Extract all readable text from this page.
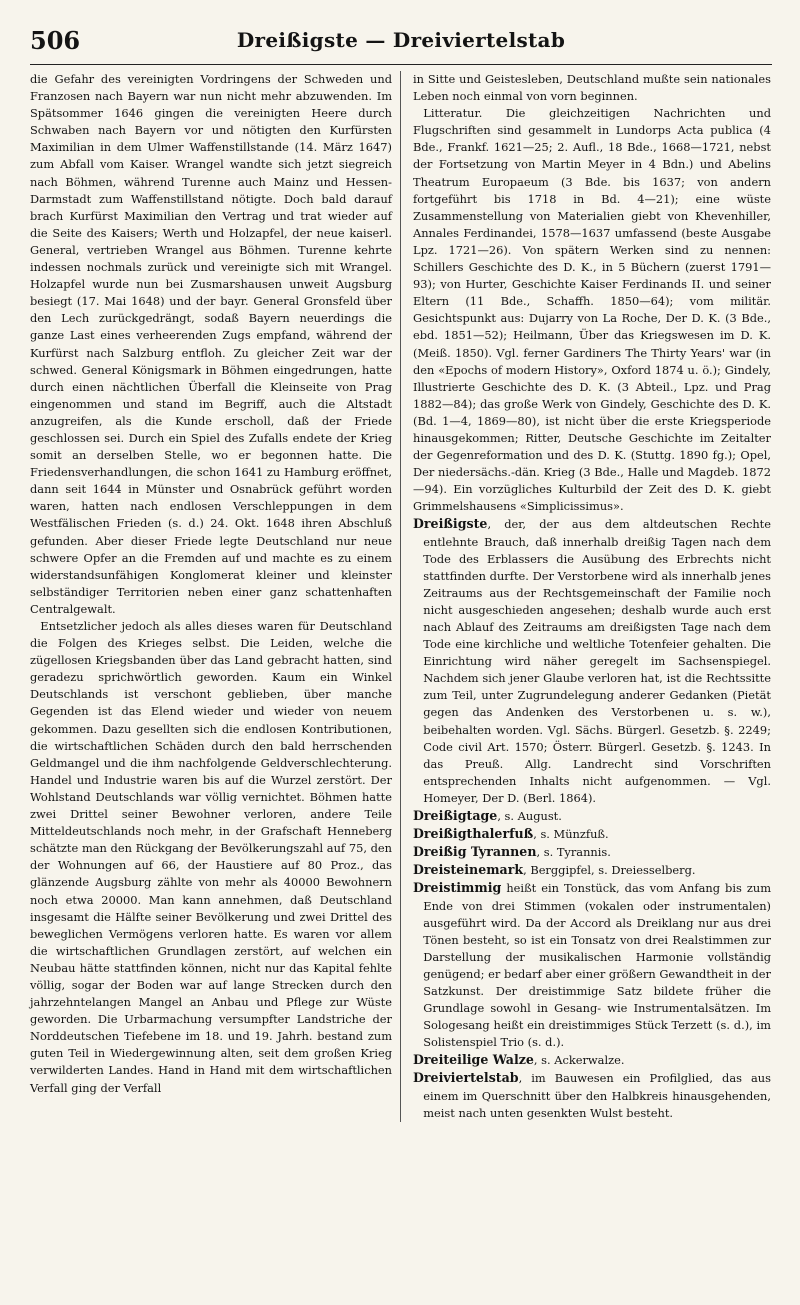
506	Dreißigste — Dreiviertelstab

die Gefahr des vereinigten Vordringens der Schweden und Franzosen nach Bayern war nun nicht mehr abzuwenden. Im Spätsommer 1646 gingen die vereinigten Heere durch Schwaben nach Bayern vor und nötigten den Kurfürsten Maximilian in dem Ulmer Waffenstillstande (14. März 1647) zum Abfall vom Kaiser. Wrangel wandte sich jetzt siegreich nach Böhmen, während Turenne auch Mainz und Hessen-Darmstadt zum Waffenstillstand nötigte. Doch bald darauf brach Kurfürst Maximilian den Vertrag und trat wieder auf die Seite des Kaisers; Werth und Holzapfel, der neue kaiserl. General, vertrieben Wrangel aus Böhmen. Turenne kehrte indessen nochmals zurück und vereinigte sich mit Wrangel. Holzapfel wurde nun bei Zusmarshausen unweit Augsburg besiegt (17. Mai 1648) und der bayr. General Gronsfeld über den Lech zurückgedrängt, sodaß Bayern neuerdings die ganze Last eines verheerenden Zugs empfand, während der Kurfürst nach Salzburg entfloh. Zu gleicher Zeit war der schwed. General Königsmark in Böhmen eingedrungen, hatte durch einen nächtlichen Überfall die Kleinseite von Prag eingenommen und stand im Begriff, auch die Altstadt anzugreifen, als die Kunde erscholl, daß der Friede geschlossen sei. Durch ein Spiel des Zufalls endete der Krieg somit an derselben Stelle, wo er begonnen hatte. Die Friedensverhandlungen, die schon 1641 zu Hamburg eröffnet, dann seit 1644 in Münster und Osnabrück geführt worden waren, hatten nach endlosen Verschleppungen in dem Westfälischen Frieden (s. d.) 24. Okt. 1648 ihren Abschluß gefunden. Aber dieser Friede legte Deutschland nur neue schwere Opfer an die Fremden auf und machte es zu einem widerstandsunfähigen Konglomerat kleiner und kleinster selbständiger Territorien neben einer ganz schattenhaften Centralgewalt.

Entsetzlicher jedoch als alles dieses waren für Deutschland die Folgen des Krieges selbst. Die Leiden, welche die zügellosen Kriegsbanden über das Land gebracht hatten, sind geradezu sprichwörtlich geworden. Kaum ein Winkel Deutschlands ist verschont geblieben, über manche Gegenden ist das Elend wieder und wieder von neuem gekommen. Dazu gesellten sich die endlosen Kontributionen, die wirtschaftlichen Schäden durch den bald herrschenden Geldmangel und die ihm nachfolgende Geldverschlechterung. Handel und Industrie waren bis auf die Wurzel zerstört. Der Wohlstand Deutschlands war völlig vernichtet. Böhmen hatte zwei Drittel seiner Bewohner verloren, andere Teile Mitteldeutschlands noch mehr, in der Grafschaft Henneberg schätzte man den Rückgang der Bevölkerungszahl auf 75, den der Wohnungen auf 66, der Haustiere auf 80 Proz., das glänzende Augsburg zählte von mehr als 40000 Bewohnern noch etwa 20000. Man kann annehmen, daß Deutschland insgesamt die Hälfte seiner Bevölkerung und zwei Drittel des beweglichen Vermögens verloren hatte. Es waren vor allem die wirtschaftlichen Grundlagen zerstört, auf welchen ein Neubau hätte stattfinden können, nicht nur das Kapital fehlte völlig, sogar der Boden war auf lange Strecken durch den jahrzehntelangen Mangel an Anbau und Pflege zur Wüste geworden. Die Urbarmachung versumpfter Landstriche der Norddeutschen Tiefebene im 18. und 19. Jahrh. bestand zum guten Teil in Wiedergewinnung alten, seit dem großen Krieg verwilderten Landes. Hand in Hand mit dem wirtschaftlichen Verfall ging der Verfall

in Sitte und Geistesleben, Deutschland mußte sein nationales Leben noch einmal von vorn beginnen.

Litteratur. Die gleichzeitigen Nachrichten und Flugschriften sind gesammelt in Lundorps Acta publica (4 Bde., Frankf. 1621—25; 2. Aufl., 18 Bde., 1668—1721, nebst der Fortsetzung von Martin Meyer in 4 Bdn.) und Abelins Theatrum Europaeum (3 Bde. bis 1637; von andern fortgeführt bis 1718 in Bd. 4—21); eine wüste Zusammenstellung von Materialien giebt von Khevenhiller, Annales Ferdinandei, 1578—1637 umfassend (beste Ausgabe Lpz. 1721—26). Von spätern Werken sind zu nennen: Schillers Geschichte des D. K., in 5 Büchern (zuerst 1791—93); von Hurter, Geschichte Kaiser Ferdinands II. und seiner Eltern (11 Bde., Schaffh. 1850—64); vom militär. Gesichtspunkt aus: Dujarry von La Roche, Der D. K. (3 Bde., ebd. 1851—52); Heilmann, Über das Kriegswesen im D. K. (Meiß. 1850). Vgl. ferner Gardiners The Thirty Years' war (in den «Epochs of modern History», Oxford 1874 u. ö.); Gindely, Illustrierte Geschichte des D. K. (3 Abteil., Lpz. und Prag 1882—84); das große Werk von Gindely, Geschichte des D. K. (Bd. 1—4, 1869—80), ist nicht über die erste Kriegsperiode hinausgekommen; Ritter, Deutsche Geschichte im Zeitalter der Gegenreformation und des D. K. (Stuttg. 1890 fg.); Opel, Der niedersächs.-dän. Krieg (3 Bde., Halle und Magdeb. 1872—94). Ein vorzügliches Kulturbild der Zeit des D. K. giebt Grimmelshausens «Simplicissimus».

Dreißigste, der, der aus dem altdeutschen Rechte entlehnte Brauch, daß innerhalb dreißig Tagen nach dem Tode des Erblassers die Ausübung des Erbrechts nicht stattfinden durfte. Der Verstorbene wird als innerhalb jenes Zeitraums aus der Rechtsgemeinschaft der Familie noch nicht ausgeschieden angesehen; deshalb wurde auch erst nach Ablauf des Zeitraums am dreißigsten Tage nach dem Tode eine kirchliche und weltliche Totenfeier gehalten. Die Einrichtung wird näher geregelt im Sachsenspiegel. Nachdem sich jener Glaube verloren hat, ist die Rechtssitte zum Teil, unter Zugrundelegung anderer Gedanken (Pietät gegen das Andenken des Verstorbenen u. s. w.), beibehalten worden. Vgl. Sächs. Bürgerl. Gesetzb. §. 2249; Code civil Art. 1570; Österr. Bürgerl. Gesetzb. §. 1243. In das Preuß. Allg. Landrecht sind Vorschriften entsprechenden Inhalts nicht aufgenommen. — Vgl. Homeyer, Der D. (Berl. 1864).

Dreißigtage, s. August.

Dreißigthalerfuß, s. Münzfuß.

Dreißig Tyrannen, s. Tyrannis.

Dreisteinemark, Berggipfel, s. Dreiesselberg.

Dreistimmig heißt ein Tonstück, das vom Anfang bis zum Ende von drei Stimmen (vokalen oder instrumentalen) ausgeführt wird. Da der Accord als Dreiklang nur aus drei Tönen besteht, so ist ein Tonsatz von drei Realstimmen zur Darstellung der musikalischen Harmonie vollständig genügend; er bedarf aber einer größern Gewandtheit in der Satzkunst. Der dreistimmige Satz bildete früher die Grundlage sowohl in Gesang- wie Instrumentalsätzen. Im Sologesang heißt ein dreistimmiges Stück Terzett (s. d.), im Solistenspiel Trio (s. d.).

Dreiteilige Walze, s. Ackerwalze.

Dreiviertelstab, im Bauwesen ein Profilglied, das aus einem im Querschnitt über den Halbkreis hinausgehenden, meist nach unten gesenkten Wulst besteht.
